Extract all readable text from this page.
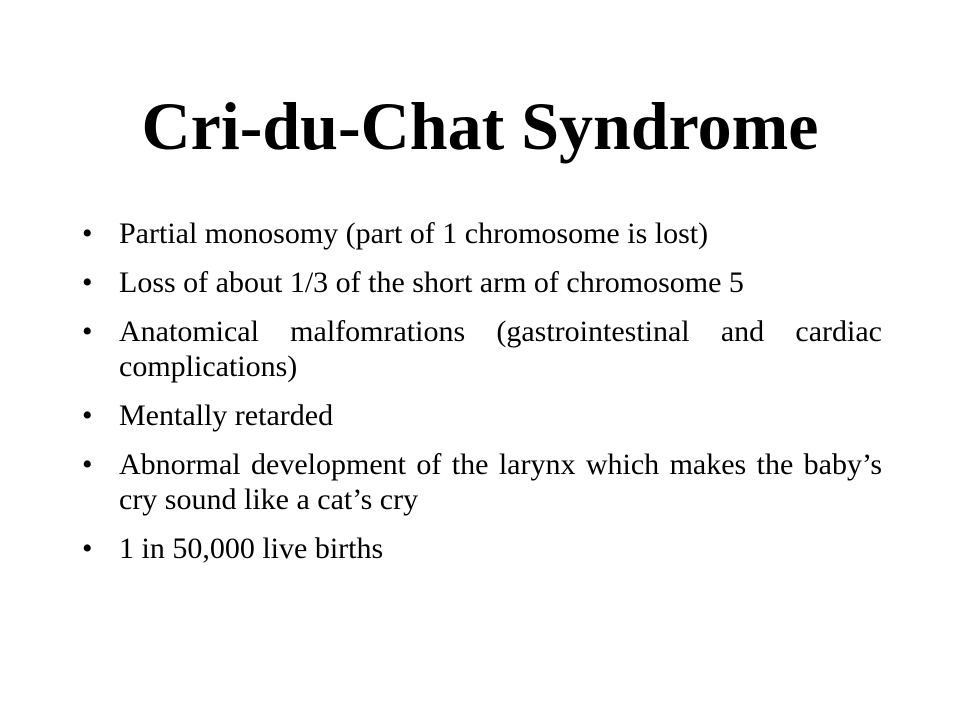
Cri-du-Chat Syndrome
• Partial monosomy (part of 1 chromosome is lost)
• Loss of about 1/3 of the short arm of chromosome 5
• Anatomical malfomrations (gastrointestinal and cardiac complications)
• Mentally retarded
• Abnormal development of the larynx which makes the baby’s cry sound like a cat’s cry
• 1 in 50,000 live births
